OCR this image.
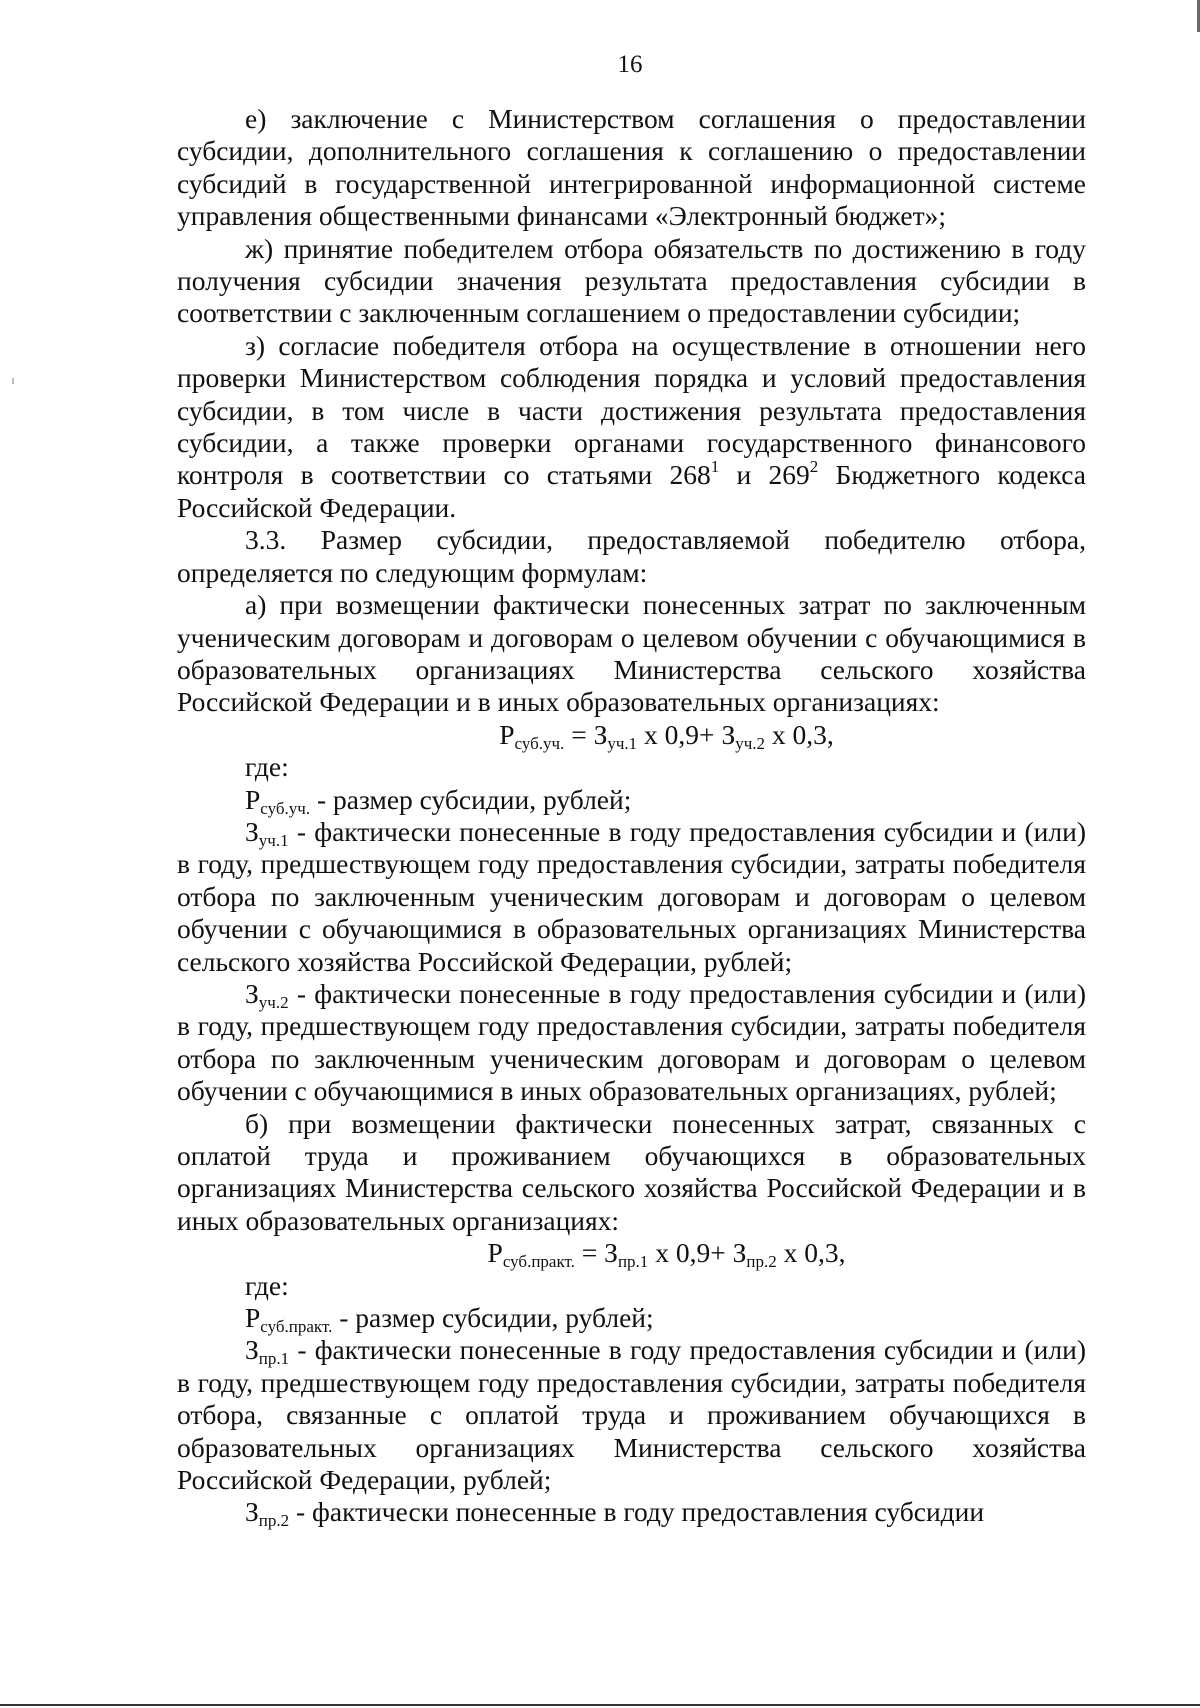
16

е) заключение с Министерством соглашения о предоставлении субсидии, дополнительного соглашения к соглашению о предоставлении субсидий в государственной интегрированной информационной системе управления общественными финансами «Электронный бюджет»;

ж) принятие победителем отбора обязательств по достижению в году получения субсидии значения результата предоставления субсидии в соответствии с заключенным соглашением о предоставлении субсидии;

з) согласие победителя отбора на осуществление в отношении него проверки Министерством соблюдения порядка и условий предоставления субсидии, в том числе в части достижения результата предоставления субсидии, а также проверки органами государственного финансового контроля в соответствии со статьями $268^1$ и $269^2$ Бюджетного кодекса Российской Федерации.

3.3. Размер субсидии, предоставляемой победителю отбора, определяется по следующим формулам:

а) при возмещении фактически понесенных затрат по заключенным ученическим договорам и договорам о целевом обучении с обучающимися в образовательных организациях Министерства сельского хозяйства Российской Федерации и в иных образовательных организациях:

$Р_{суб.уч.} = З_{уч.1}$ х $0,9+ З_{уч.2}$ х 0,3,

где:

$Р_{суб.уч.}$ - размер субсидии, рублей;

$З_{уч.1}$ - фактически понесенные в году предоставления субсидии и (или) в году, предшествующем году предоставления субсидии, затраты победителя отбора по заключенным ученическим договорам и договорам о целевом обучении с обучающимися в образовательных организациях Министерства сельского хозяйства Российской Федерации, рублей;

$З_{уч.2}$ - фактически понесенные в году предоставления субсидии и (или) в году, предшествующем году предоставления субсидии, затраты победителя отбора по заключенным ученическим договорам и договорам о целевом обучении с обучающимися в иных образовательных организациях, рублей;

б) при возмещении фактически понесенных затрат, связанных с оплатой труда и проживанием обучающихся в образовательных организациях Министерства сельского хозяйства Российской Федерации и в иных образовательных организациях:

$Р_{суб.практ.} = З_{пр.1}$ х $0,9+ З_{пр.2}$ х 0,3,

где:

$Р_{суб.практ.}$ - размер субсидии, рублей;

$З_{пр.1}$ - фактически понесенные в году предоставления субсидии и (или) в году, предшествующем году предоставления субсидии, затраты победителя отбора, связанные с оплатой труда и проживанием обучающихся в образовательных организациях Министерства сельского хозяйства Российской Федерации, рублей;

$З_{пр.2}$ - фактически понесенные в году предоставления субсидии
